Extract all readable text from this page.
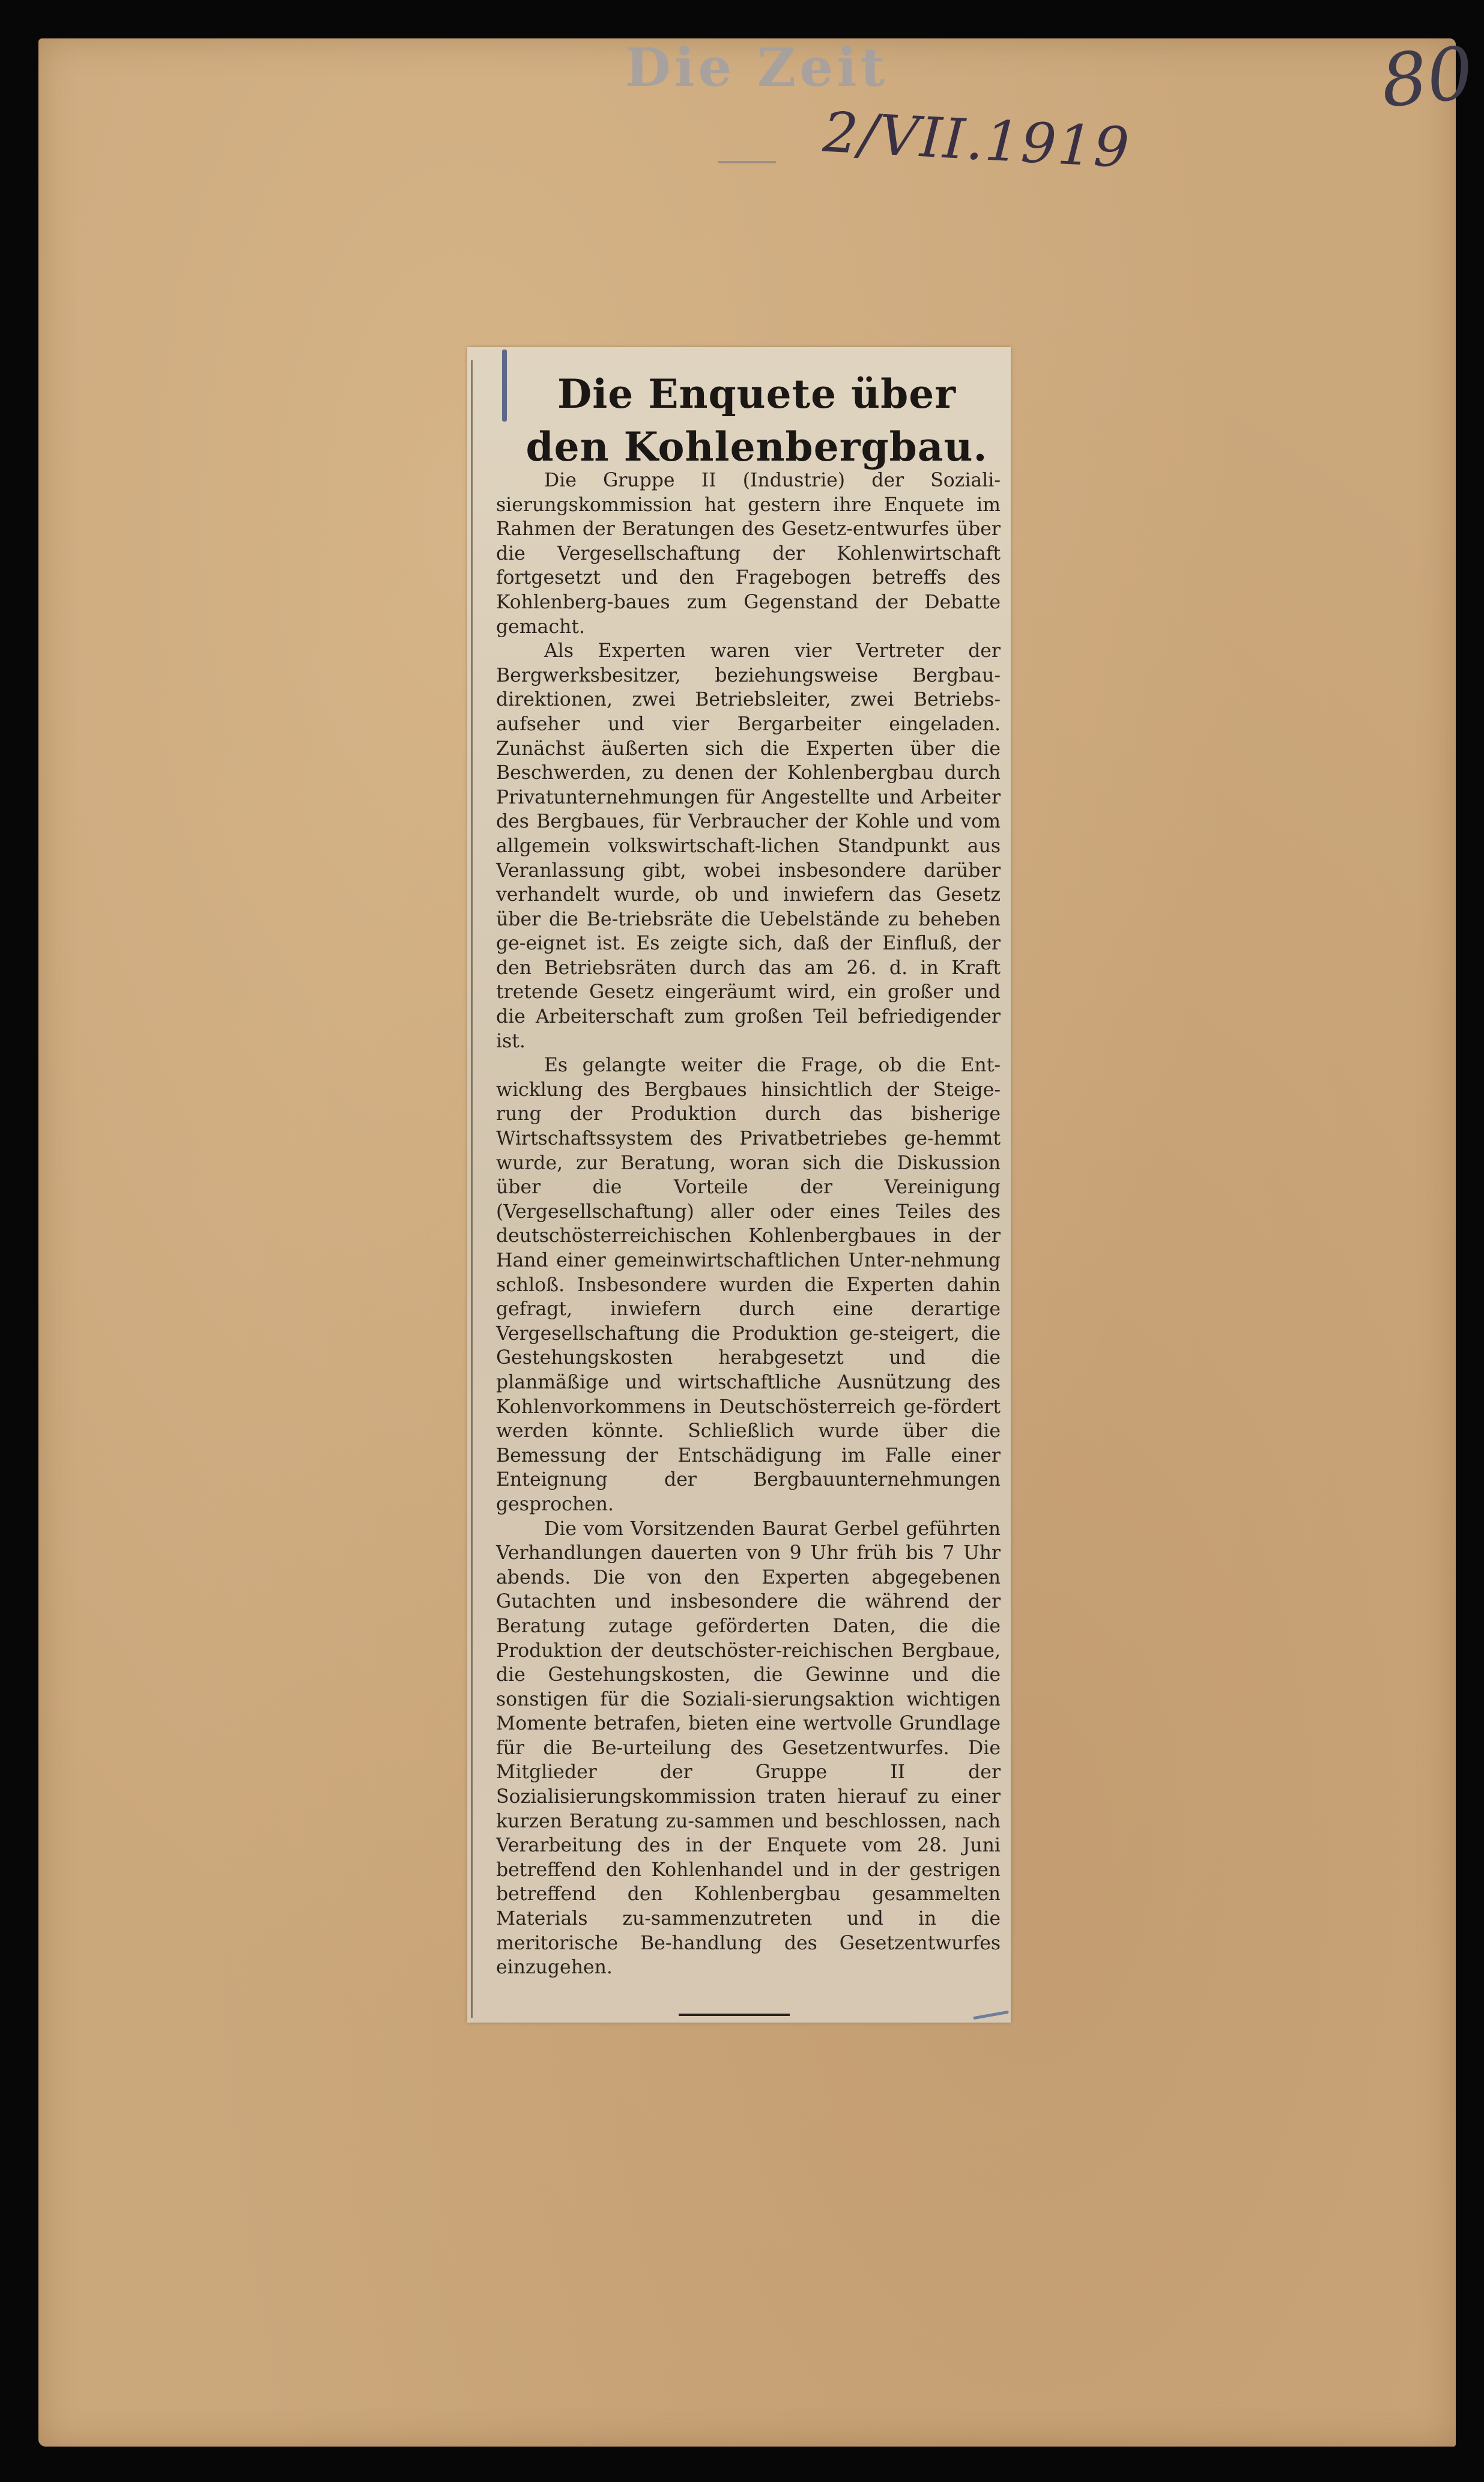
Die Zeit
2/VII.1919
80
Die Enquete über den Kohlenbergbau.

Die Gruppe II (Industrie) der Soziali-sierungskommission hat gestern ihre Enquete im Rahmen der Beratungen des Gesetz-entwurfes über die Vergesellschaftung der Kohlenwirtschaft fortgesetzt und den Fragebogen betreffs des Kohlenberg-baues zum Gegenstand der Debatte gemacht.

Als Experten waren vier Vertreter der Bergwerksbesitzer, beziehungsweise Bergbau-direktionen, zwei Betriebsleiter, zwei Betriebs-aufseher und vier Bergarbeiter eingeladen. Zunächst äußerten sich die Experten über die Beschwerden, zu denen der Kohlenbergbau durch Privatunternehmungen für Angestellte und Arbeiter des Bergbaues, für Verbraucher der Kohle und vom allgemein volkswirtschaft-lichen Standpunkt aus Veranlassung gibt, wobei insbesondere darüber verhandelt wurde, ob und inwiefern das Gesetz über die Be-triebsräte die Uebelstände zu beheben ge-eignet ist. Es zeigte sich, daß der Einfluß, der den Betriebsräten durch das am 26. d. in Kraft tretende Gesetz eingeräumt wird, ein großer und die Arbeiterschaft zum großen Teil befriedigender ist.

Es gelangte weiter die Frage, ob die Ent-wicklung des Bergbaues hinsichtlich der Steige-rung der Produktion durch das bisherige Wirtschaftssystem des Privatbetriebes ge-hemmt wurde, zur Beratung, woran sich die Diskussion über die Vorteile der Vereinigung (Vergesellschaftung) aller oder eines Teiles des deutschösterreichischen Kohlenbergbaues in der Hand einer gemeinwirtschaftlichen Unter-nehmung schloß. Insbesondere wurden die Experten dahin gefragt, inwiefern durch eine derartige Vergesellschaftung die Produktion ge-steigert, die Gestehungskosten herabgesetzt und die planmäßige und wirtschaftliche Ausnützung des Kohlenvorkommens in Deutschösterreich ge-fördert werden könnte. Schließlich wurde über die Bemessung der Entschädigung im Falle einer Enteignung der Bergbauunternehmungen gesprochen.

Die vom Vorsitzenden Baurat Gerbel geführten Verhandlungen dauerten von 9 Uhr früh bis 7 Uhr abends. Die von den Experten abgegebenen Gutachten und insbesondere die während der Beratung zutage geförderten Daten, die die Produktion der deutschöster-reichischen Bergbaue, die Gestehungskosten, die Gewinne und die sonstigen für die Soziali-sierungsaktion wichtigen Momente betrafen, bieten eine wertvolle Grundlage für die Be-urteilung des Gesetzentwurfes. Die Mitglieder der Gruppe II der Sozialisierungskommission traten hierauf zu einer kurzen Beratung zu-sammen und beschlossen, nach Verarbeitung des in der Enquete vom 28. Juni betreffend den Kohlenhandel und in der gestrigen betreffend den Kohlenbergbau gesammelten Materials zu-sammenzutreten und in die meritorische Be-handlung des Gesetzentwurfes einzugehen.
